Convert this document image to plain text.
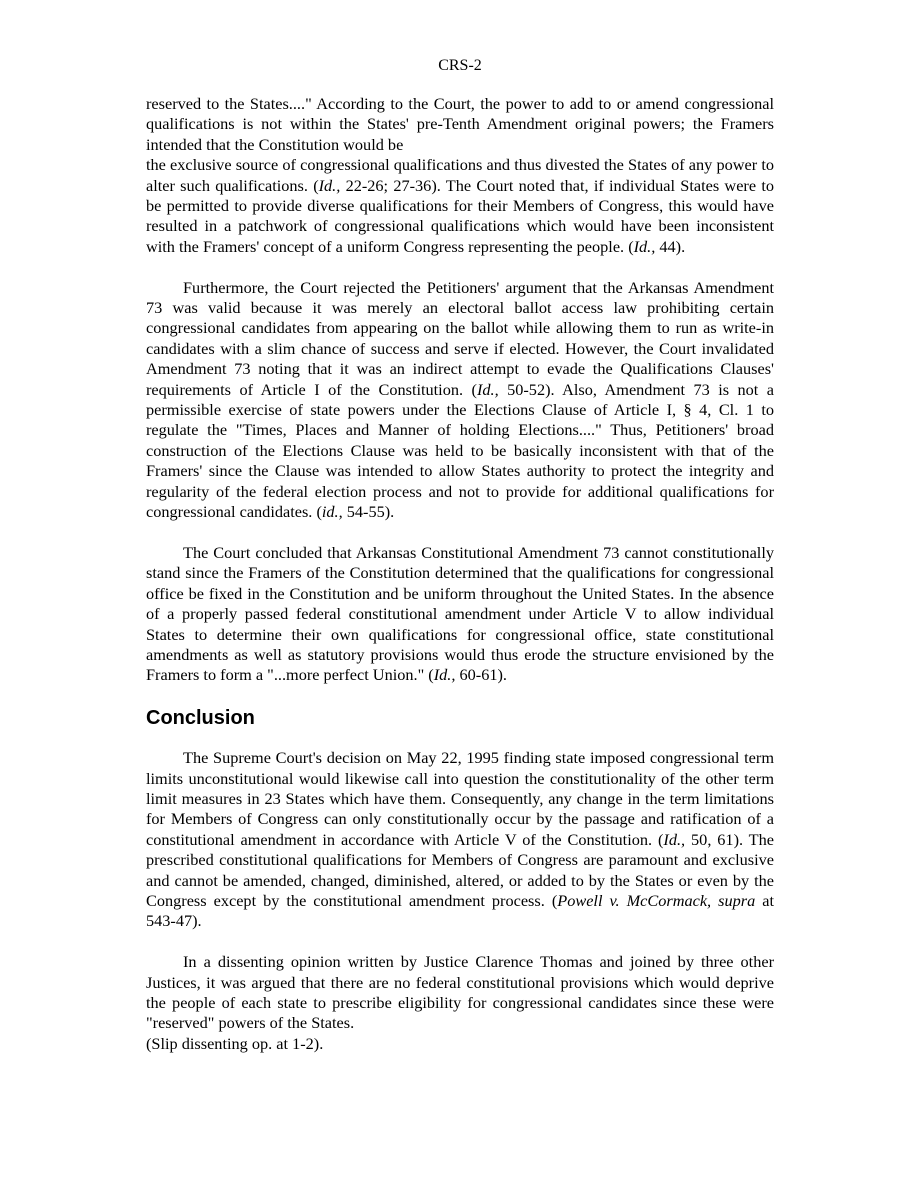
CRS-2

reserved to the States...." According to the Court, the power to add to or amend congressional qualifications is not within the States' pre-Tenth Amendment original powers; the Framers intended that the Constitution would be
the exclusive source of congressional qualifications and thus divested the States of any power to alter such qualifications. (Id., 22-26; 27-36). The Court noted that, if individual States were to be permitted to provide diverse qualifications for their Members of Congress, this would have resulted in a patchwork of congressional qualifications which would have been inconsistent with the Framers' concept of a uniform Congress representing the people. (Id., 44).

Furthermore, the Court rejected the Petitioners' argument that the Arkansas Amendment 73 was valid because it was merely an electoral ballot access law prohibiting certain congressional candidates from appearing on the ballot while allowing them to run as write-in candidates with a slim chance of success and serve if elected. However, the Court invalidated Amendment 73 noting that it was an indirect attempt to evade the Qualifications Clauses' requirements of Article I of the Constitution. (Id., 50-52). Also, Amendment 73 is not a permissible exercise of state powers under the Elections Clause of Article I, § 4, Cl. 1 to regulate the "Times, Places and Manner of holding Elections...." Thus, Petitioners' broad construction of the Elections Clause was held to be basically inconsistent with that of the Framers' since the Clause was intended to allow States authority to protect the integrity and regularity of the federal election process and not to provide for additional qualifications for congressional candidates. (id., 54-55).

The Court concluded that Arkansas Constitutional Amendment 73 cannot constitutionally stand since the Framers of the Constitution determined that the qualifications for congressional office be fixed in the Constitution and be uniform throughout the United States. In the absence of a properly passed federal constitutional amendment under Article V to allow individual States to determine their own qualifications for congressional office, state constitutional amendments as well as statutory provisions would thus erode the structure envisioned by the Framers to form a "...more perfect Union." (Id., 60-61).

Conclusion

The Supreme Court's decision on May 22, 1995 finding state imposed congressional term limits unconstitutional would likewise call into question the constitutionality of the other term limit measures in 23 States which have them. Consequently, any change in the term limitations for Members of Congress can only constitutionally occur by the passage and ratification of a constitutional amendment in accordance with Article V of the Constitution. (Id., 50, 61). The prescribed constitutional qualifications for Members of Congress are paramount and exclusive and cannot be amended, changed, diminished, altered, or added to by the States or even by the Congress except by the constitutional amendment process. (Powell v. McCormack, supra at 543-47).

In a dissenting opinion written by Justice Clarence Thomas and joined by three other Justices, it was argued that there are no federal constitutional provisions which would deprive the people of each state to prescribe eligibility for congressional candidates since these were "reserved" powers of the States.
(Slip dissenting op. at 1-2).
